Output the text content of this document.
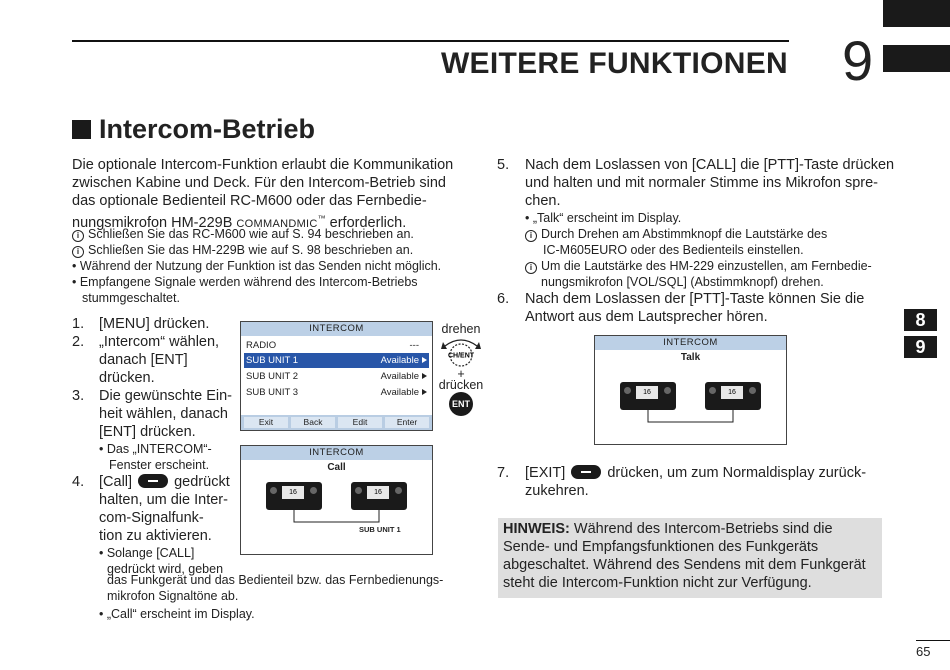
WEITERE FUNKTIONEN 9
8
9
Intercom-Betrieb
Die optionale Intercom-Funktion erlaubt die Kommunikation
zwischen Kabine und Deck. Für den Intercom-Betrieb sind
das optionale Bedienteil RC-M600 oder das Fernbedie-
nungsmikrofon HM-229B COMMANDMIC™ erforderlich.
i Schließen Sie das RC-M600 wie auf S. 94 beschrieben an.
i Schließen Sie das HM-229B wie auf S. 98 beschrieben an.
• Während der Nutzung der Funktion ist das Senden nicht möglich.
• Empfangene Signale werden während des Intercom-Betriebs
stummgeschaltet.
1. [MENU] drücken.
2. „Intercom“ wählen,
danach [ENT]
drücken.
3. Die gewünschte Ein-
heit wählen, danach
[ENT] drücken.
• Das „INTERCOM“-
Fenster erscheint.
4. [Call]	gedrückt
halten, um die Inter-
com-Signalfunk-
tion zu aktivieren.
• Solange [CALL]
gedrückt wird, geben
das Funkgerät und das Bedienteil bzw. das Fernbedienungs-
mikrofon Signaltöne ab.
• „Call“ erscheint im Display.
INTERCOM
RADIO	---
SUB UNIT 1	Available
SUB UNIT 2	Available
SUB UNIT 3	Available
Exit	Back	Edit	Enter
drehen
CH/ENT
+
drücken
ENT
INTERCOM
Call
16	16
SUB UNIT 1
5. Nach dem Loslassen von [CALL] die [PTT]-Taste drücken
und halten und mit normaler Stimme ins Mikrofon spre-
chen.
• „Talk“ erscheint im Display.
i Durch Drehen am Abstimmknopf die Lautstärke des
IC-M605EURO oder des Bedienteils einstellen.
i Um die Lautstärke des HM-229 einzustellen, am Fernbedie-
nungsmikrofon [VOL/SQL] (Abstimmknopf) drehen.
6. Nach dem Loslassen der [PTT]-Taste können Sie die
Antwort aus dem Lautsprecher hören.
INTERCOM
Talk
16	16
7. [EXIT]	drücken, um zum Normaldisplay zurück-
zukehren.
HINWEIS: Während des Intercom-Betriebs sind die
Sende- und Empfangsfunktionen des Funkgeräts
abgeschaltet. Während des Sendens mit dem Funkgerät
steht die Intercom-Funktion nicht zur Verfügung.
65
